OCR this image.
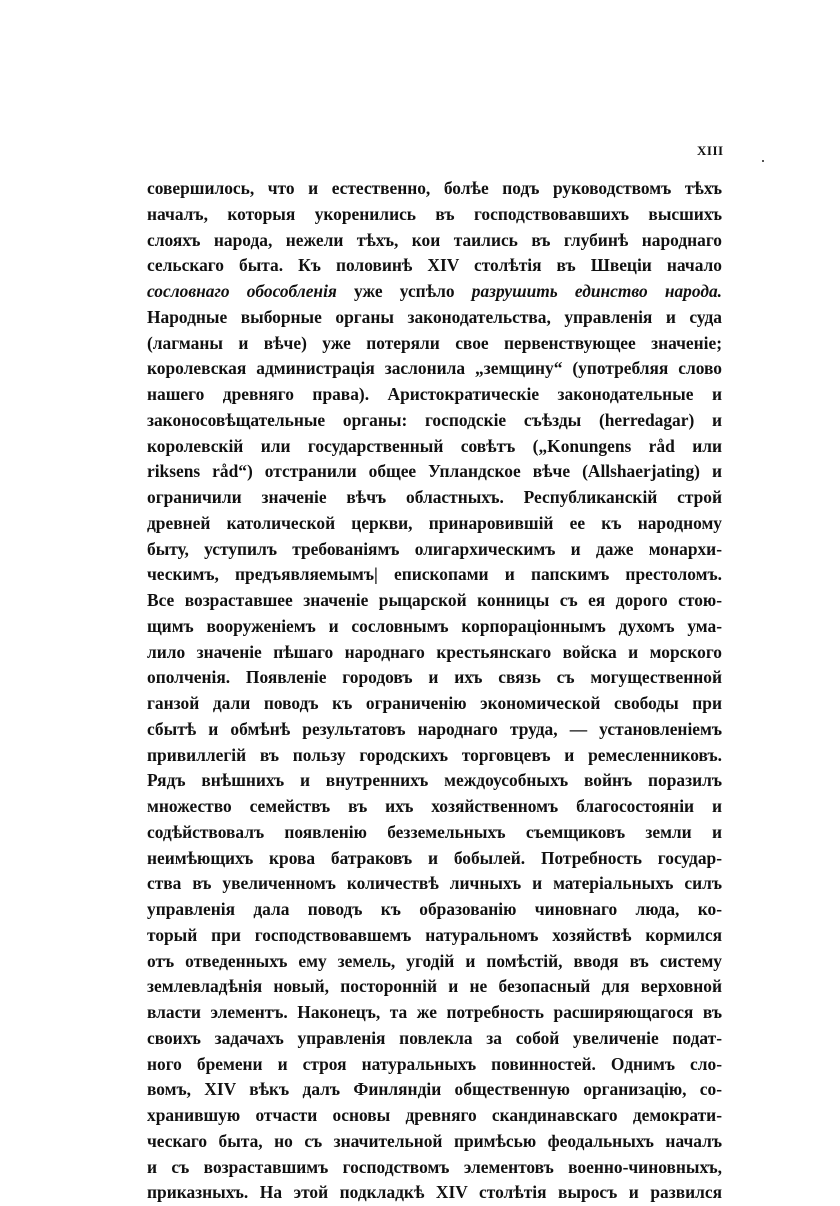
XIII
совершилось, что и естественно, болѣе подъ руководствомъ тѣхъ
началъ, которыя укоренились въ господствовавшихъ высшихъ
слояхъ народа, нежели тѣхъ, кои таились въ глубинѣ народнаго
сельскаго быта. Къ половинѣ XIV столѣтія въ Швеціи начало
сословнаго обособленія уже успѣло разрушить единство народа.
Народные выборные органы законодательства, управленія и суда
(лагманы и вѣче) уже потеряли свое первенствующее значеніе;
королевская администрація заслонила „земщину“ (употребляя слово
нашего древняго права). Аристократическіе законодательные и
законосовѣщательные органы: господскіе съѣзды (herredagar) и
королевскій или государственный совѣтъ („Konungens råd или
riksens råd“) отстранили общее Упландское вѣче (Allshaerjating) и
ограничили значеніе вѣчъ областныхъ. Республиканскій строй
древней католической церкви, принаровившій ее къ народному
быту, уступилъ требованіямъ олигархическимъ и даже монархи-
ческимъ, предъявляемымъ| епископами и папскимъ престоломъ.
Все возраставшее значеніе рыцарской конницы съ ея дорого стою-
щимъ вооруженіемъ и сословнымъ корпораціоннымъ духомъ ума-
лило значеніе пѣшаго народнаго крестьянскаго войска и морского
ополченія. Появленіе городовъ и ихъ связь съ могущественной
ганзой дали поводъ къ ограниченію экономической свободы при
сбытѣ и обмѣнѣ результатовъ народнаго труда, — установленіемъ
привиллегій въ пользу городскихъ торговцевъ и ремесленниковъ.
Рядъ внѣшнихъ и внутреннихъ междоусобныхъ войнъ поразилъ
множество семействъ въ ихъ хозяйственномъ благосостояніи и
содѣйствовалъ появленію безземельныхъ съемщиковъ земли и
неимѣющихъ крова батраковъ и бобылей. Потребность государ-
ства въ увеличенномъ количествѣ личныхъ и матеріальныхъ силъ
управленія дала поводъ къ образованію чиновнаго люда, ко-
торый при господствовавшемъ натуральномъ хозяйствѣ кормился
отъ отведенныхъ ему земель, угодій и помѣстій, вводя въ систему
землевладѣнія новый, посторонній и не безопасный для верховной
власти элементъ. Наконецъ, та же потребность расширяющагося въ
своихъ задачахъ управленія повлекла за собой увеличеніе подат-
ного бремени и строя натуральныхъ повинностей. Однимъ сло-
вомъ, XIV вѣкъ далъ Финляндіи общественную организацію, со-
хранившую отчасти основы древняго скандинавскаго демократи-
ческаго быта, но съ значительной примѣсью феодальныхъ началъ
и съ возраставшимъ господствомъ элементовъ военно-чиновныхъ,
приказныхъ. На этой подкладкѣ XIV столѣтія выросъ и развился
